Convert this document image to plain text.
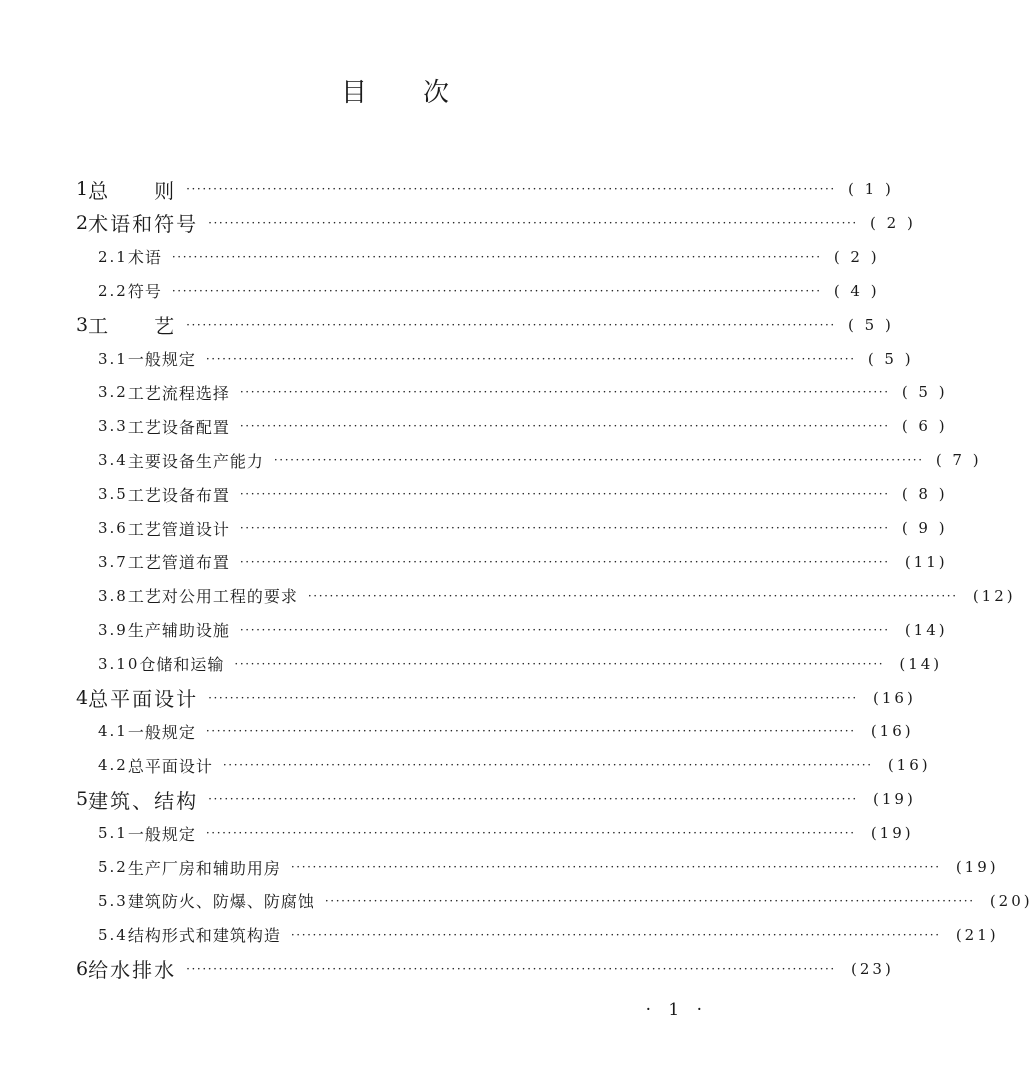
目次
1 总　　则 ························································································································ ( 1 )
2 术语和符号 ························································································································ ( 2 )
2.1 术语 ························································································································ ( 2 )
2.2 符号 ························································································································ ( 4 )
3 工　　艺 ························································································································ ( 5 )
3.1 一般规定 ························································································································ ( 5 )
3.2 工艺流程选择 ························································································································ ( 5 )
3.3 工艺设备配置 ························································································································ ( 6 )
3.4 主要设备生产能力 ························································································································ ( 7 )
3.5 工艺设备布置 ························································································································ ( 8 )
3.6 工艺管道设计 ························································································································ ( 9 )
3.7 工艺管道布置 ························································································································	(11)
3.8 工艺对公用工程的要求 ························································································································	(12)
3.9 生产辅助设施 ························································································································	(14)
3.10 仓储和运输 ························································································································	(14)
4 总平面设计 ························································································································	(16)
4.1 一般规定 ························································································································	(16)
4.2 总平面设计 ························································································································	(16)
5 建筑、结构 ························································································································	(19)
5.1 一般规定 ························································································································	(19)
5.2 生产厂房和辅助用房 ························································································································	(19)
5.3 建筑防火、防爆、防腐蚀 ························································································································	(20)
5.4 结构形式和建筑构造 ························································································································	(21)
6 给水排水 ························································································································	(23)
· 1 ·
